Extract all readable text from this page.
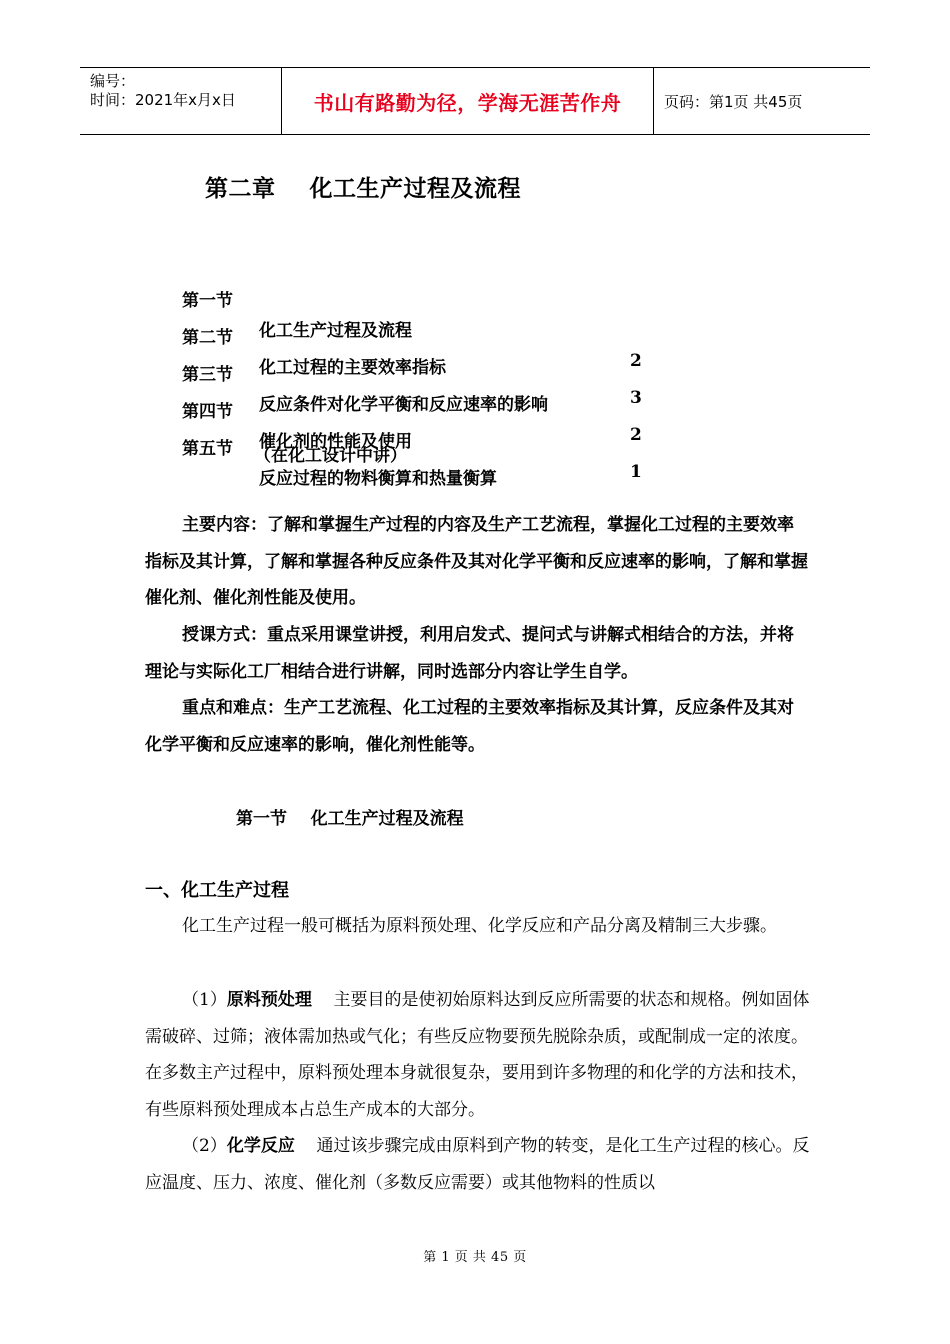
编号：
时间：2021年x月x日	书山有路勤为径，学海无涯苦作舟	页码：第1页 共45页
第二章    化工生产过程及流程

第一节

化工生产过程及流程

2

第二节

化工过程的主要效率指标

3

第三节

反应条件对化学平衡和反应速率的影响

2

第四节

催化剂的性能及使用

1

第五节

反应过程的物料衡算和热量衡算

（在化工设计中讲）
主要内容：了解和掌握生产过程的内容及生产工艺流程，掌握化工过程的主要效率指标及其计算，了解和掌握各种反应条件及其对化学平衡和反应速率的影响，了解和掌握催化剂、催化剂性能及使用。
授课方式：重点采用课堂讲授，利用启发式、提问式与讲解式相结合的方法，并将理论与实际化工厂相结合进行讲解，同时选部分内容让学生自学。
重点和难点：生产工艺流程、化工过程的主要效率指标及其计算，反应条件及其对化学平衡和反应速率的影响，催化剂性能等。
第一节    化工生产过程及流程
一、化工生产过程
化工生产过程一般可概括为原料预处理、化学反应和产品分离及精制三大步骤。
（1）原料预处理    主要目的是使初始原料达到反应所需要的状态和规格。例如固体需破碎、过筛；液体需加热或气化；有些反应物要预先脱除杂质，或配制成一定的浓度。在多数主产过程中，原料预处理本身就很复杂，要用到许多物理的和化学的方法和技术，有些原料预处理成本占总生产成本的大部分。
（2）化学反应    通过该步骤完成由原料到产物的转变，是化工生产过程的核心。反应温度、压力、浓度、催化剂（多数反应需要）或其他物料的性质以
第 1 页 共 45 页
